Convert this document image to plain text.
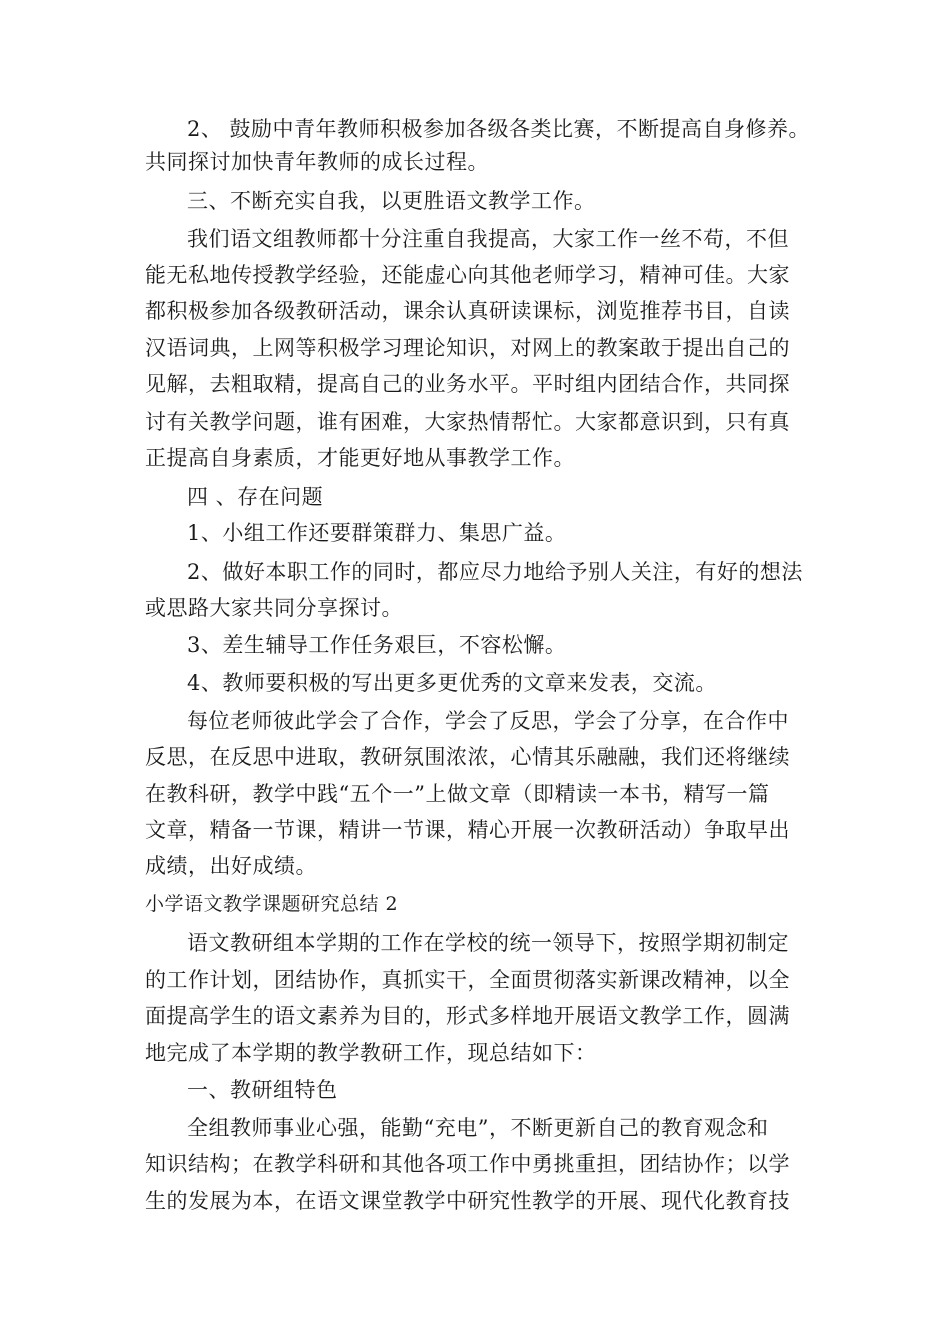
2、 鼓励中青年教师积极参加各级各类比赛，不断提高自身修养。
共同探讨加快青年教师的成长过程。
三、不断充实自我，以更胜语文教学工作。
我们语文组教师都十分注重自我提高，大家工作一丝不苟，不但
能无私地传授教学经验，还能虚心向其他老师学习，精神可佳。大家
都积极参加各级教研活动，课余认真研读课标，浏览推荐书目，自读
汉语词典，上网等积极学习理论知识，对网上的教案敢于提出自己的
见解，去粗取精，提高自己的业务水平。平时组内团结合作，共同探
讨有关教学问题，谁有困难，大家热情帮忙。大家都意识到，只有真
正提高自身素质，才能更好地从事教学工作。
四 、存在问题
1、小组工作还要群策群力、集思广益。
2、做好本职工作的同时，都应尽力地给予别人关注，有好的想法
或思路大家共同分享探讨。
3、差生辅导工作任务艰巨，不容松懈。
4、教师要积极的写出更多更优秀的文章来发表，交流。
每位老师彼此学会了合作，学会了反思，学会了分享，在合作中
反思，在反思中进取，教研氛围浓浓，心情其乐融融，我们还将继续
在教科研，教学中践“五个一”上做文章（即精读一本书，精写一篇
文章，精备一节课，精讲一节课，精心开展一次教研活动）争取早出
成绩，出好成绩。
小学语文教学课题研究总结 2
语文教研组本学期的工作在学校的统一领导下，按照学期初制定
的工作计划，团结协作，真抓实干，全面贯彻落实新课改精神，以全
面提高学生的语文素养为目的，形式多样地开展语文教学工作，圆满
地完成了本学期的教学教研工作，现总结如下：
一、教研组特色
全组教师事业心强，能勤“充电”，不断更新自己的教育观念和
知识结构；在教学科研和其他各项工作中勇挑重担，团结协作；以学
生的发展为本，在语文课堂教学中研究性教学的开展、现代化教育技
